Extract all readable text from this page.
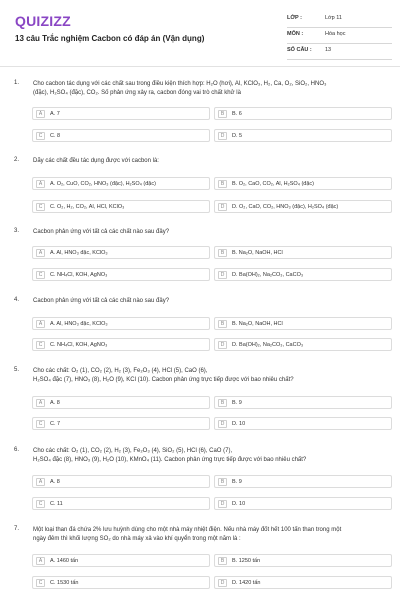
QUIZIZZ
13 câu Trắc nghiệm Cacbon có đáp án (Vận dụng)
LỚP :	Lớp 11
MÔN :	Hóa học
SỐ CÂU : 13
1. Cho cacbon tác dụng với các chất sau trong điều kiện thích hợp: H₂O (hơi), Al, KClO₃, H₂, Ca, O₂, SiO₂, HNO₃
(đặc), H₂SO₄ (đặc), CO₂. Số phản ứng xảy ra, cacbon đóng vai trò chất khử là
A	A. 7	B	B. 6
C	C. 8	D	D. 5
2. Dãy các chất đều tác dụng được với cacbon là:
A	A. O₂, CuO, CO₂, HNO₃ (đặc), H₂SO₄ (đặc)	B	B. O₂, CaO, CO₂, Al, H₂SO₄ (đặc)
C	C. O₂, H₂, CO₂, Al, HCl, KClO₃	D	D. O₂, CaO, CO₂, HNO₃ (đặc), H₂SO₄ (đặc)
3. Cacbon phản ứng với tất cả các chất nào sau đây?
A	A. Al, HNO₃ đặc, KClO₃	B	B. Na₂O, NaOH, HCl
C	C. NH₄Cl, KOH, AgNO₃	D	D. Ba(OH)₂, Na₂CO₃, CaCO₃
4. Cacbon phản ứng với tất cả các chất nào sau đây?
A	A. Al, HNO₃ đặc, KClO₃	B	B. Na₂O, NaOH, HCl
C	C. NH₄Cl, KOH, AgNO₃	D	D. Ba(OH)₂, Na₂CO₃, CaCO₃
5. Cho các chất: O₂ (1), CO₂ (2), H₂ (3), Fe₂O₃ (4), HCl (5), CaO (6),
H₂SO₄ đặc (7), HNO₃ (8), H₂O (9), KCl (10). Cacbon phản ứng trực tiếp được với bao nhiêu chất?
A	A. 8	B	B. 9
C	C. 7	D	D. 10
6. Cho các chất: O₂ (1), CO₂ (2), H₂ (3), Fe₂O₃ (4), SiO₂ (5), HCl (6), CaO (7),
H₂SO₄ đặc (8), HNO₃ (9), H₂O (10), KMnO₄ (11). Cacbon phản ứng trực tiếp được với bao nhiêu chất?
A	A. 8	B	B. 9
C	C. 11	D	D. 10
7. Một loại than đá chứa 2% lưu huỳnh dùng cho một nhà máy nhiệt điện. Nếu nhà máy đốt hết 100 tấn than trong một
ngày đêm thì khối lượng SO₂ do nhà máy xả vào khí quyển trong một năm là :
A	A. 1460 tấn	B	B. 1250 tấn
C	C. 1530 tấn	D	D. 1420 tấn
